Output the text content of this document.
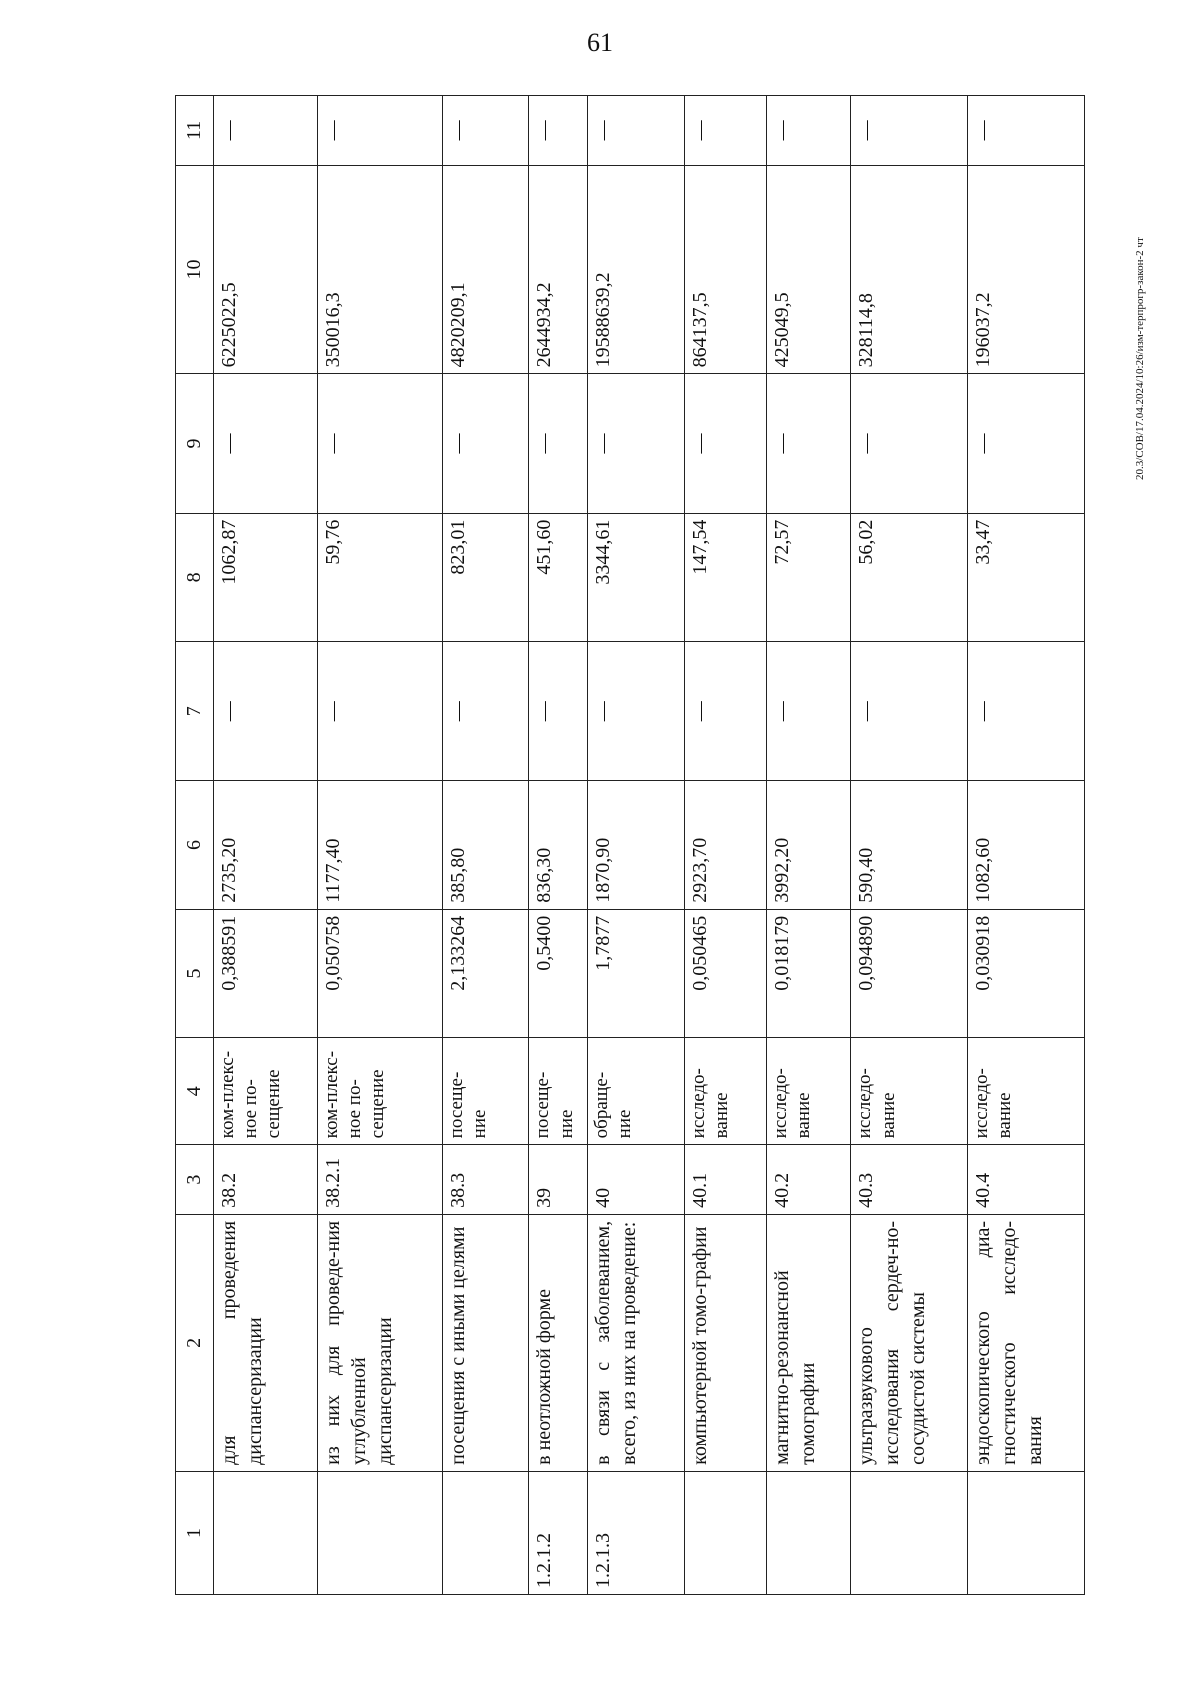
61
20.3/СОВ/17.04.2024/10:26/изм-терпрогр-закон-2 чт
1	2	3	4	5	6	7	8	9	10	11
	для проведения диспансеризации	38.2	ком-плекс-ное по-сещение	0,388591	2735,20	—	1062,87	—	6225022,5	—
	из них для проведе-ния углубленной диспансеризации	38.2.1	ком-плекс-ное по-сещение	0,050758	1177,40	—	59,76	—	350016,3	—
	посещения с иными целями	38.3	посеще-ние	2,133264	385,80	—	823,01	—	4820209,1	—
1.2.1.2	в неотложной форме	39	посеще-ние	0,5400	836,30	—	451,60	—	2644934,2	—
1.2.1.3	в связи с заболеванием, всего, из них на проведение:	40	обраще-ние	1,7877	1870,90	—	3344,61	—	19588639,2	—
	компьютерной томо-графии	40.1	исследо-вание	0,050465	2923,70	—	147,54	—	864137,5	—
	магнитно-резонансной томографии	40.2	исследо-вание	0,018179	3992,20	—	72,57	—	425049,5	—
	ультразвукового исследования сердеч-но-сосудистой системы	40.3	исследо-вание	0,094890	590,40	—	56,02	—	328114,8	—
	эндоскопического диа-гностического исследо-вания	40.4	исследо-вание	0,030918	1082,60	—	33,47	—	196037,2	—
